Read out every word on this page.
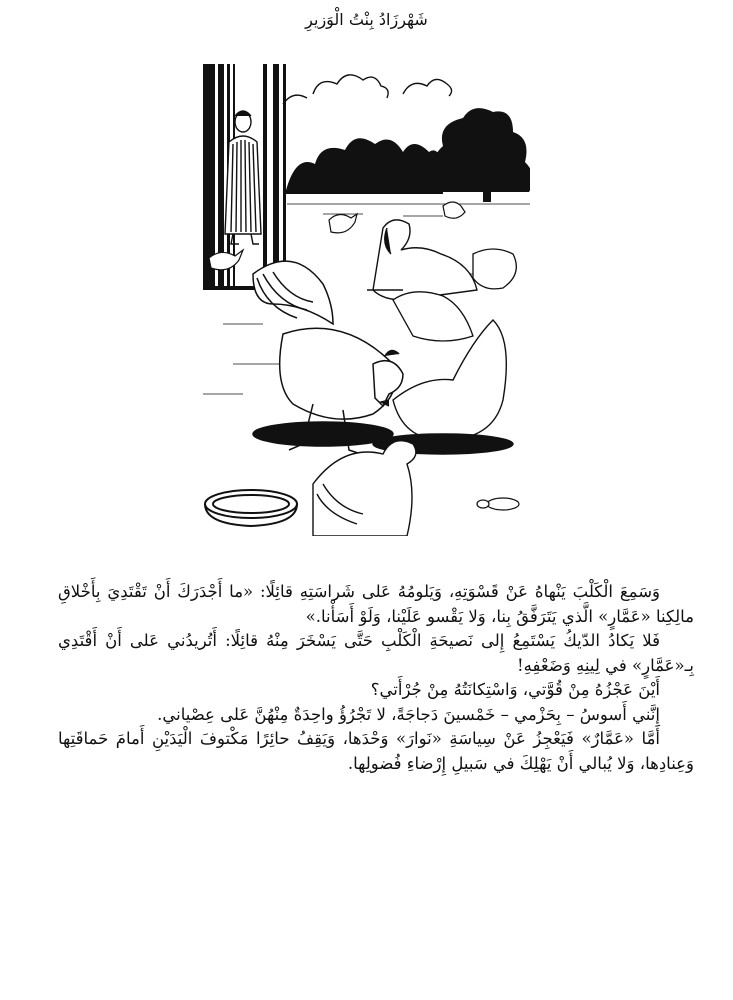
شَهْرزَادُ بِنْتُ الْوَزيرِ

وَسَمِعَ الْكَلْبَ يَنْهاهُ عَنْ قَسْوَتِهِ، وَيَلومُهُ عَلى شَراسَتِهِ قائِلًا: «ما أَجْدَرَكَ أَنْ تَقْتَدِيَ بِأَخْلاقِ مالِكِنا «عَمَّارٍ» الَّذي يَتَرَفَّقُ بِنا، وَلا يَقْسو عَلَيْنا، وَلَوْ أَسَأْنا.»

فَلا يَكادُ الدّيكُ يَسْتَمِعُ إِلى نَصيحَةِ الْكَلْبِ حَتَّى يَسْخَرَ مِنْهُ قائِلًا: أَتُريدُني عَلى أَنْ أَقْتَدِي بِـ«عَمَّارٍ» في لِينِهِ وَضَعْفِهِ!

أَيْنَ عَجْزُهُ مِنْ قُوَّتي، وَاسْتِكانَتُهُ مِنْ جُرْأَتي؟

إِنَّني أَسوسُ – بِحَزْمي – خَمْسينَ دَجاجَةً، لا تَجْرُؤُ واحِدَةٌ مِنْهُنَّ عَلى عِصْياني.

أَمَّا «عَمَّارٌ» فَيَعْجِزُ عَنْ سِياسَةِ «نَوارَ» وَحْدَها، وَيَقِفُ حائِرًا مَكْتوفَ الْيَدَيْنِ أَمامَ حَماقَتِها وَعِنادِها، وَلا يُبالي أَنْ يَهْلِكَ في سَبيلِ إِرْضاءِ فُضولِها.
